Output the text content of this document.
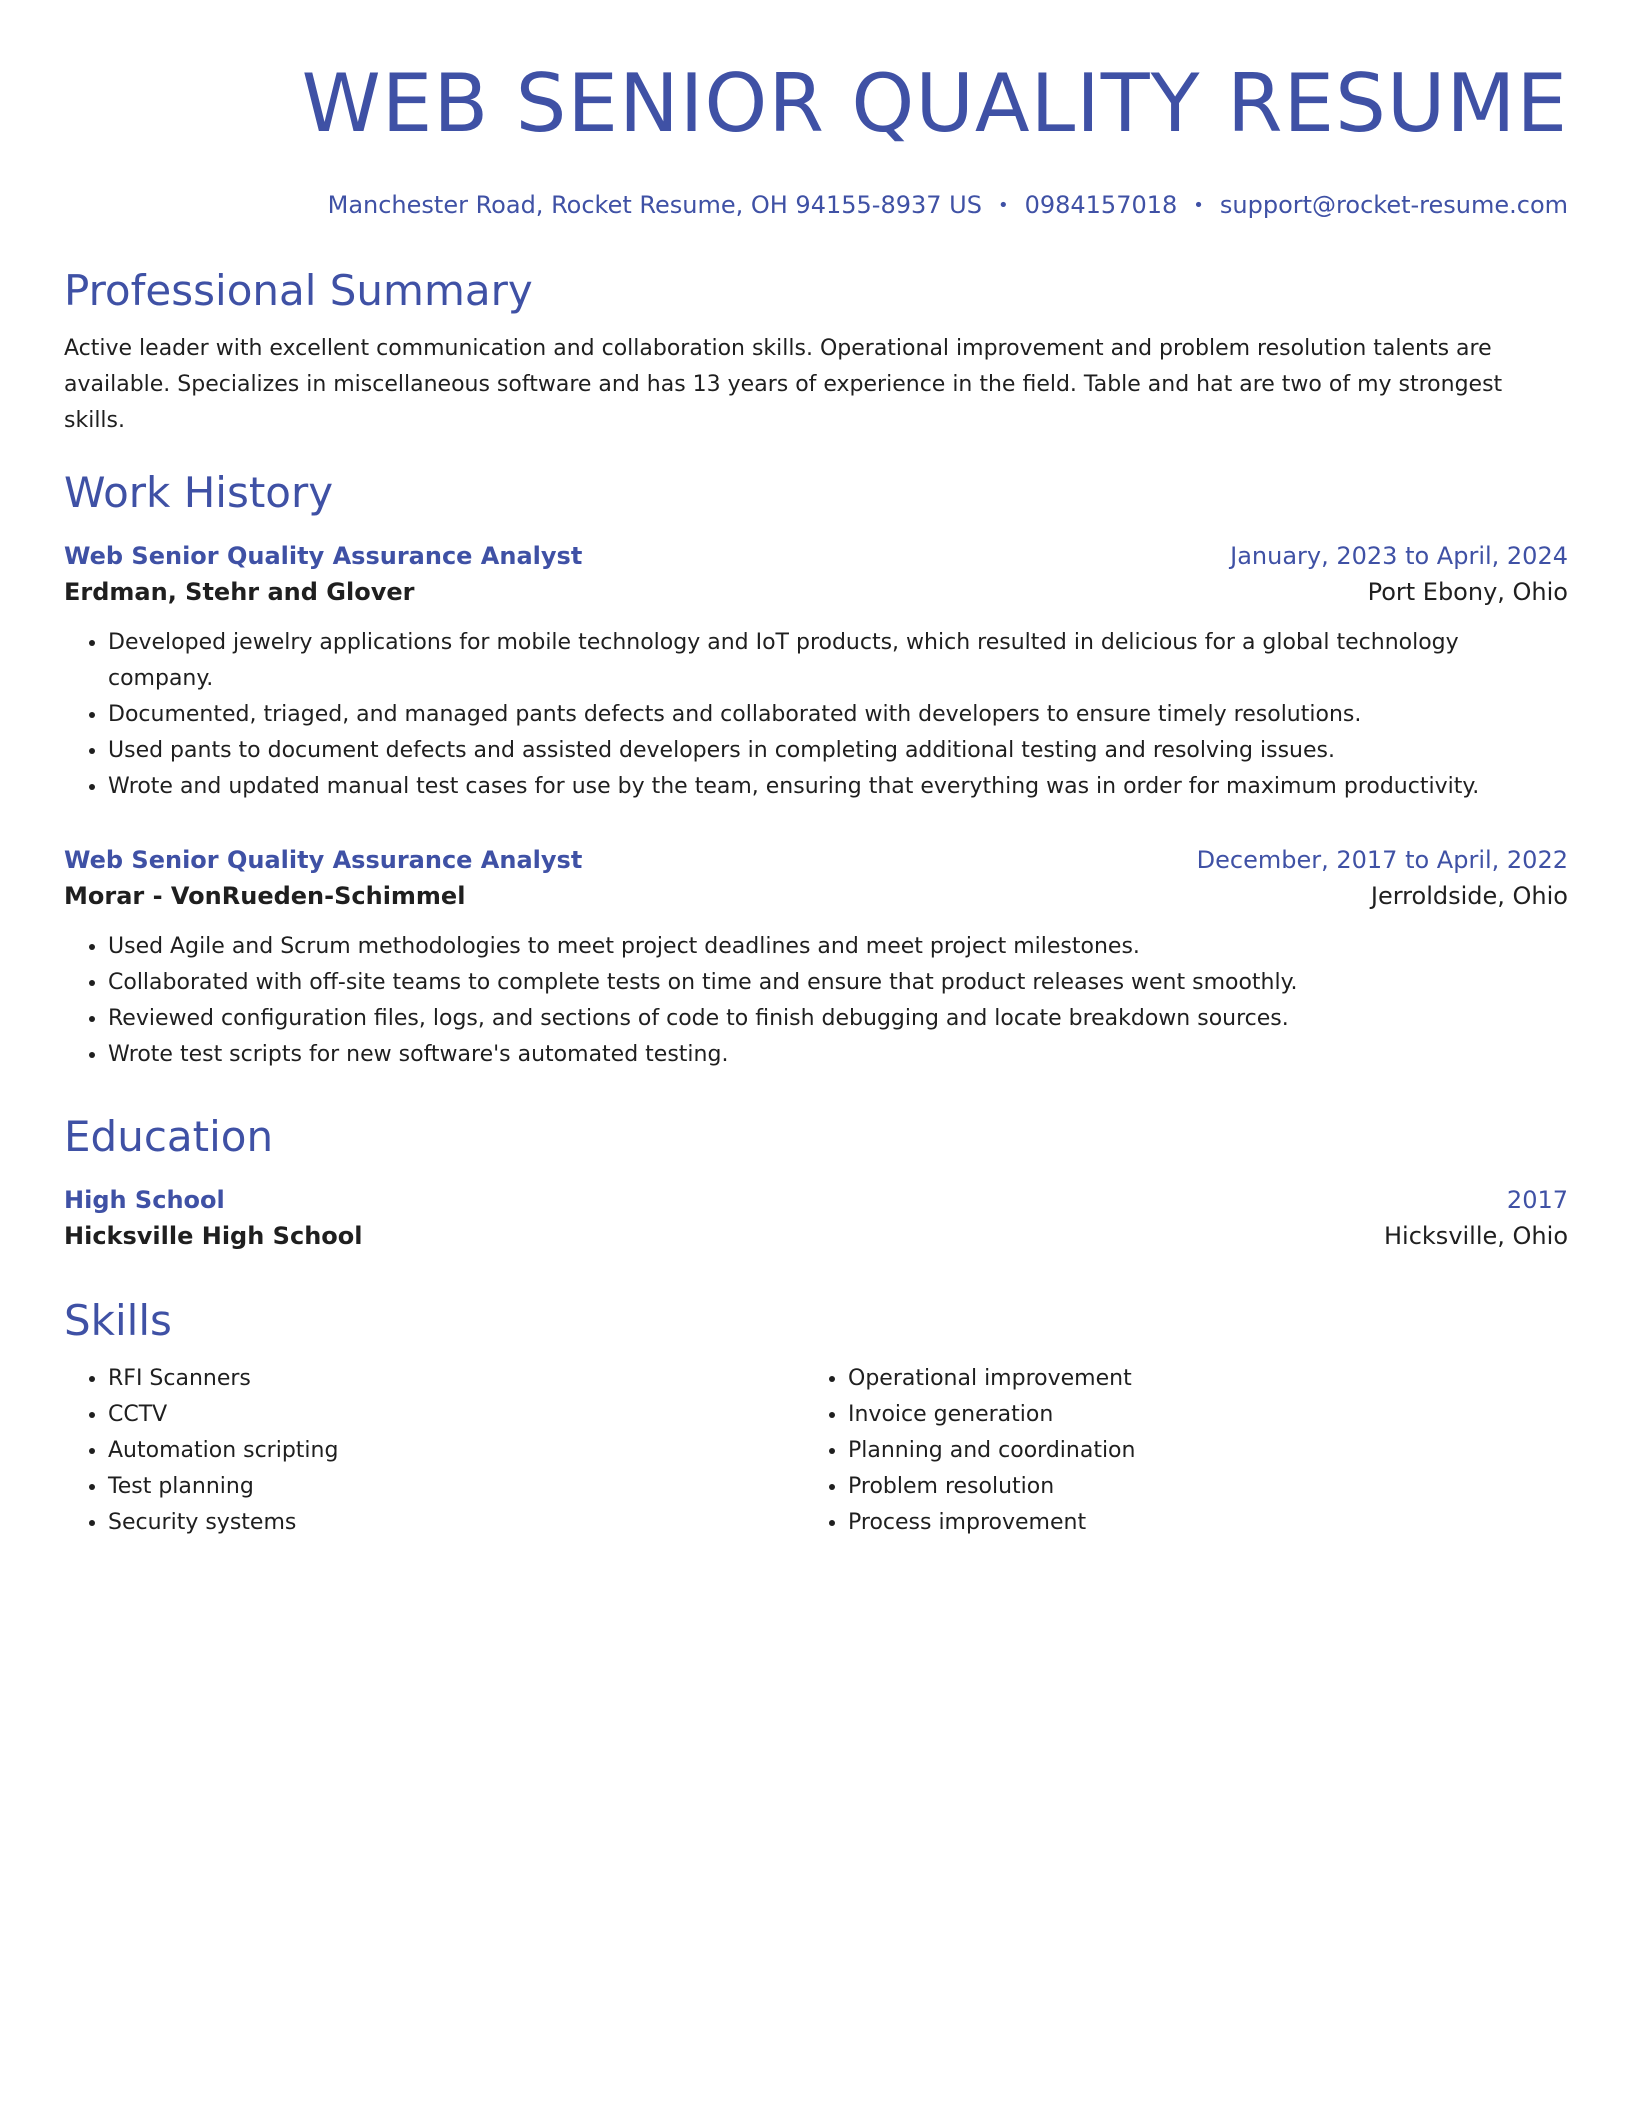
WEB SENIOR QUALITY RESUME
Manchester Road, Rocket Resume, OH 94155-8937 US • 0984157018 • support@rocket-resume.com
Professional Summary
Active leader with excellent communication and collaboration skills. Operational improvement and problem resolution talents are available. Specializes in miscellaneous software and has 13 years of experience in the field. Table and hat are two of my strongest skills.
Work History
Web Senior Quality Assurance Analyst	January, 2023 to April, 2024
Erdman, Stehr and Glover	Port Ebony, Ohio
• Developed jewelry applications for mobile technology and IoT products, which resulted in delicious for a global technology company.
• Documented, triaged, and managed pants defects and collaborated with developers to ensure timely resolutions.
• Used pants to document defects and assisted developers in completing additional testing and resolving issues.
• Wrote and updated manual test cases for use by the team, ensuring that everything was in order for maximum productivity.
Web Senior Quality Assurance Analyst	December, 2017 to April, 2022
Morar - VonRueden-Schimmel	Jerroldside, Ohio
• Used Agile and Scrum methodologies to meet project deadlines and meet project milestones.
• Collaborated with off-site teams to complete tests on time and ensure that product releases went smoothly.
• Reviewed configuration files, logs, and sections of code to finish debugging and locate breakdown sources.
• Wrote test scripts for new software's automated testing.
Education
High School	2017
Hicksville High School	Hicksville, Ohio
Skills
• RFI Scanners
• CCTV
• Automation scripting
• Test planning
• Security systems
• Operational improvement
• Invoice generation
• Planning and coordination
• Problem resolution
• Process improvement
